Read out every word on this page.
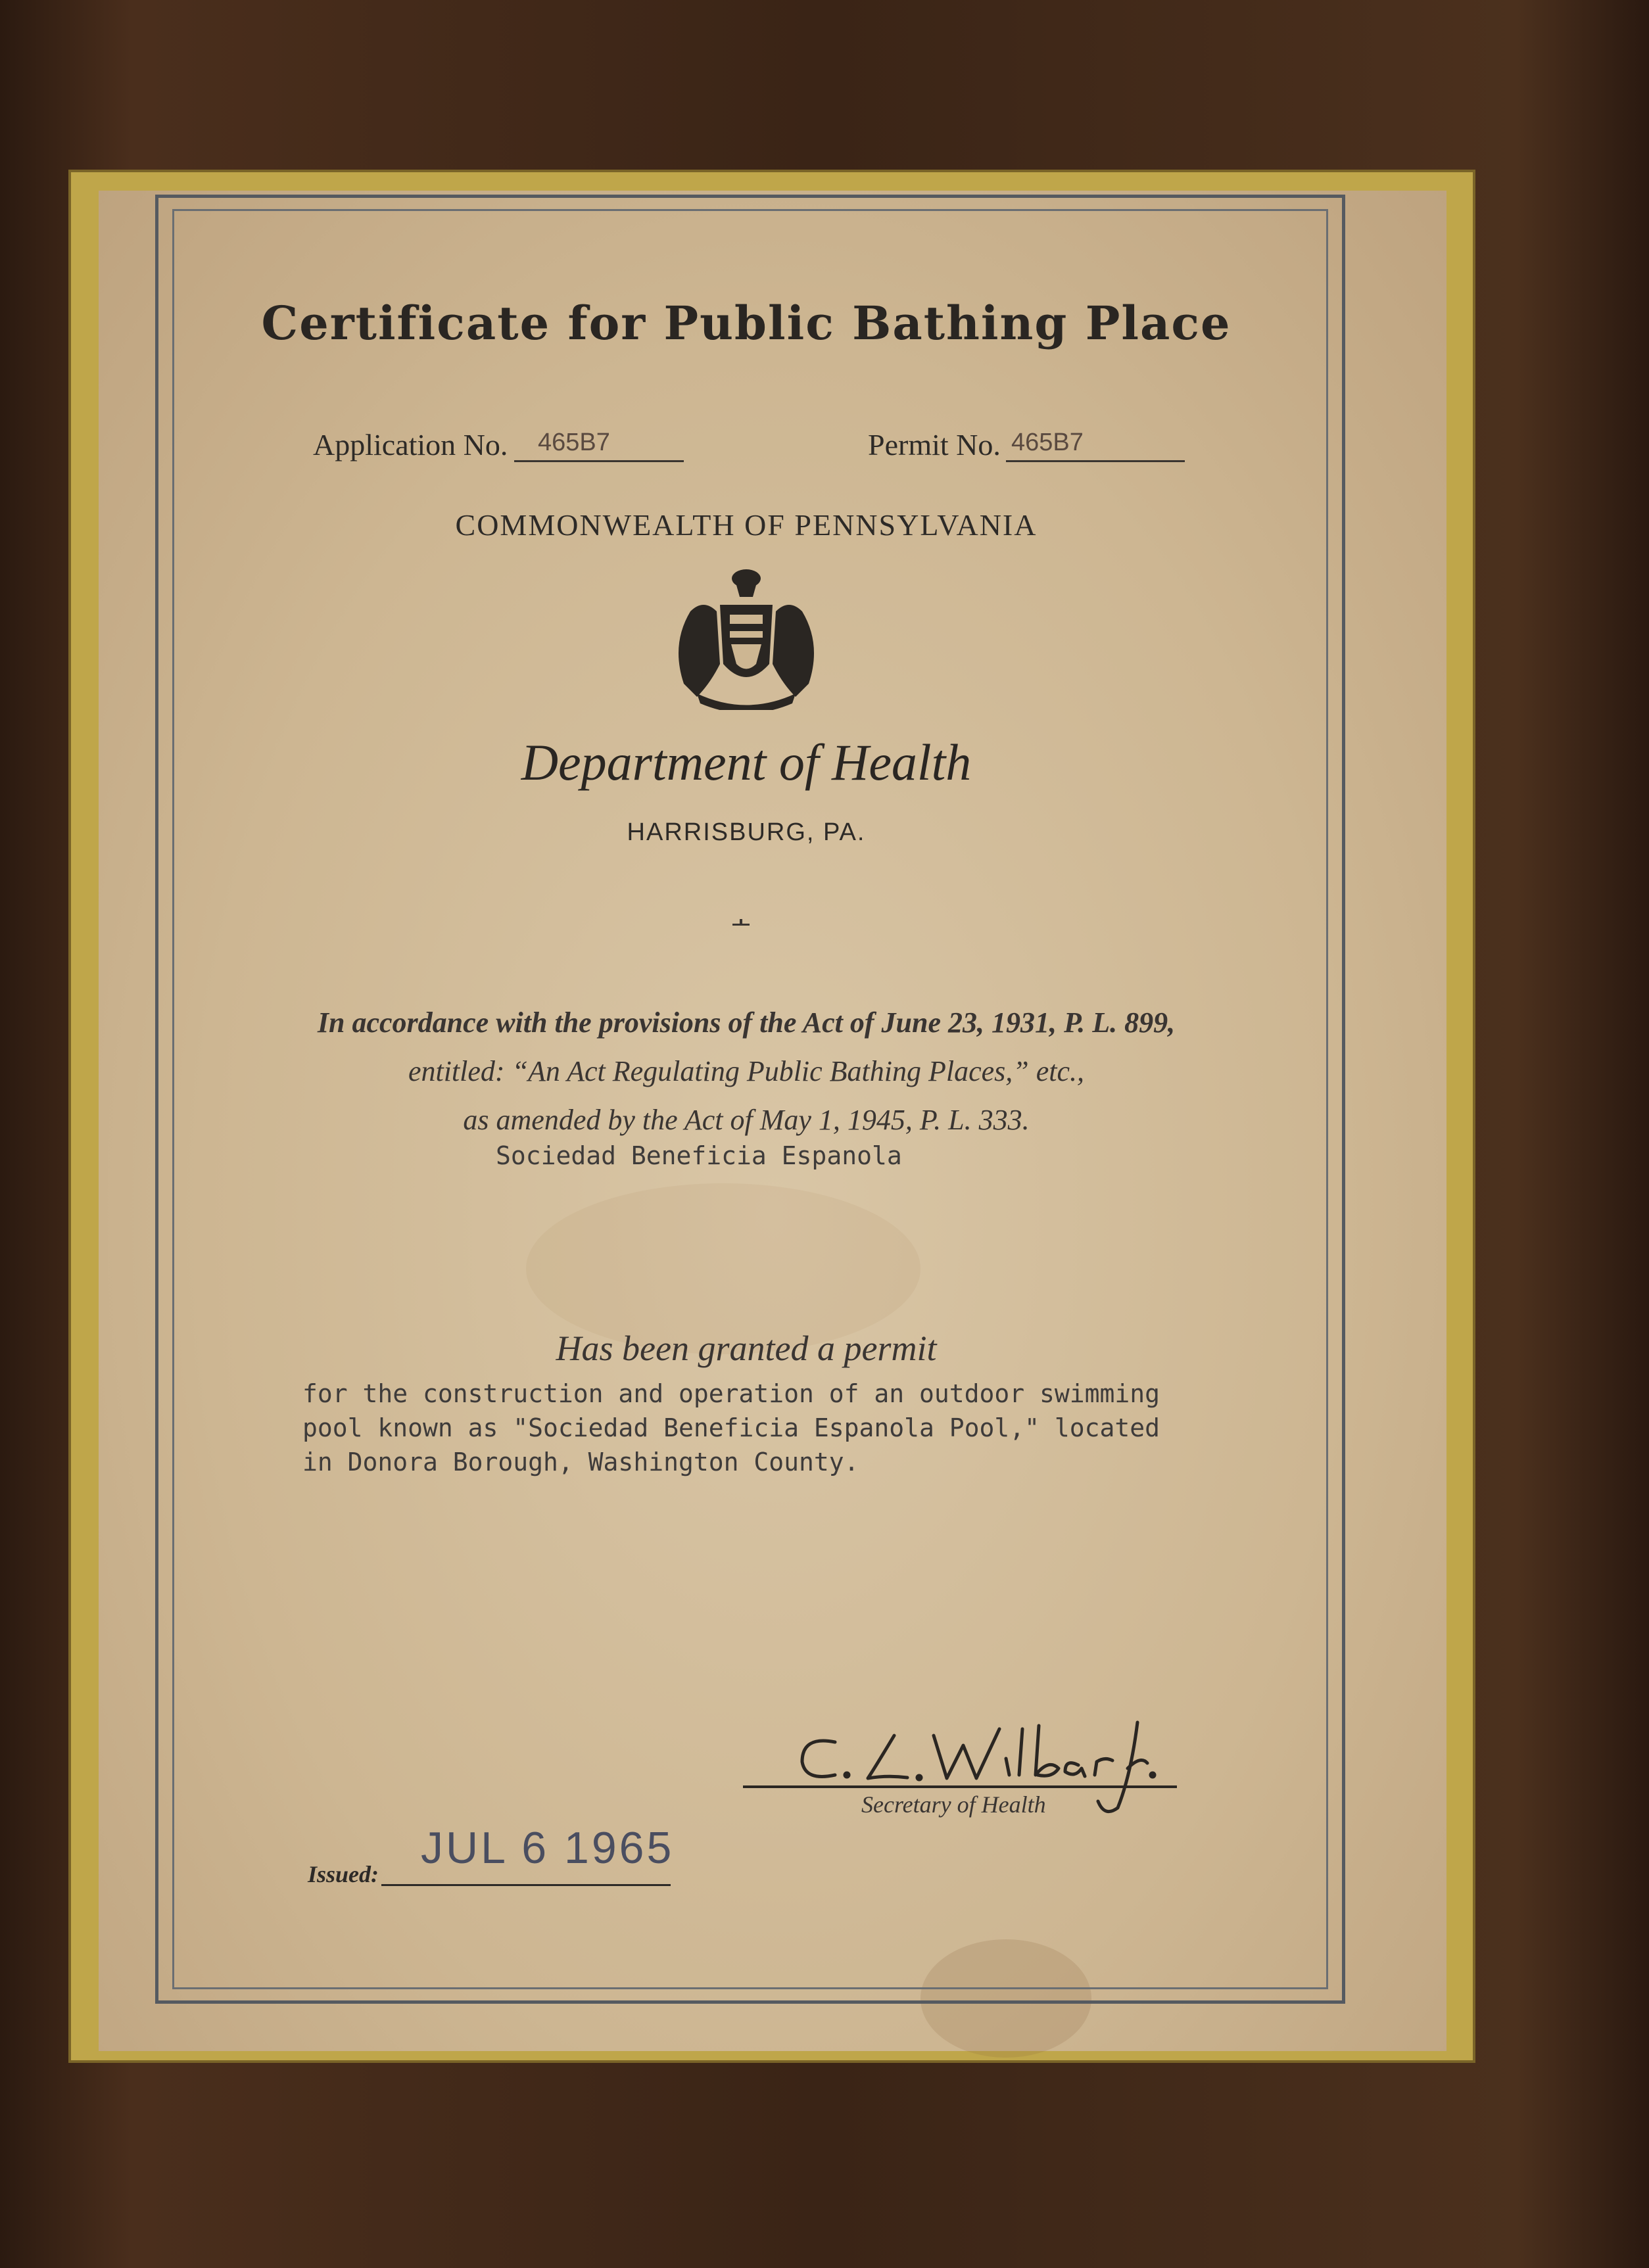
Certificate for Public Bathing Place
Application No. 465B7	Permit No. 465B7
COMMONWEALTH OF PENNSYLVANIA
Department of Health
HARRISBURG, PA.
In accordance with the provisions of the Act of June 23, 1931, P. L. 899,
entitled: “An Act Regulating Public Bathing Places,” etc.,
as amended by the Act of May 1, 1945, P. L. 333.
Sociedad Beneficia Espanola
Has been granted a permit
for the construction and operation of an outdoor swimming
pool known as "Sociedad Beneficia Espanola Pool," located
in Donora Borough, Washington County.
Secretary of Health
Issued:
JUL 6 1965
